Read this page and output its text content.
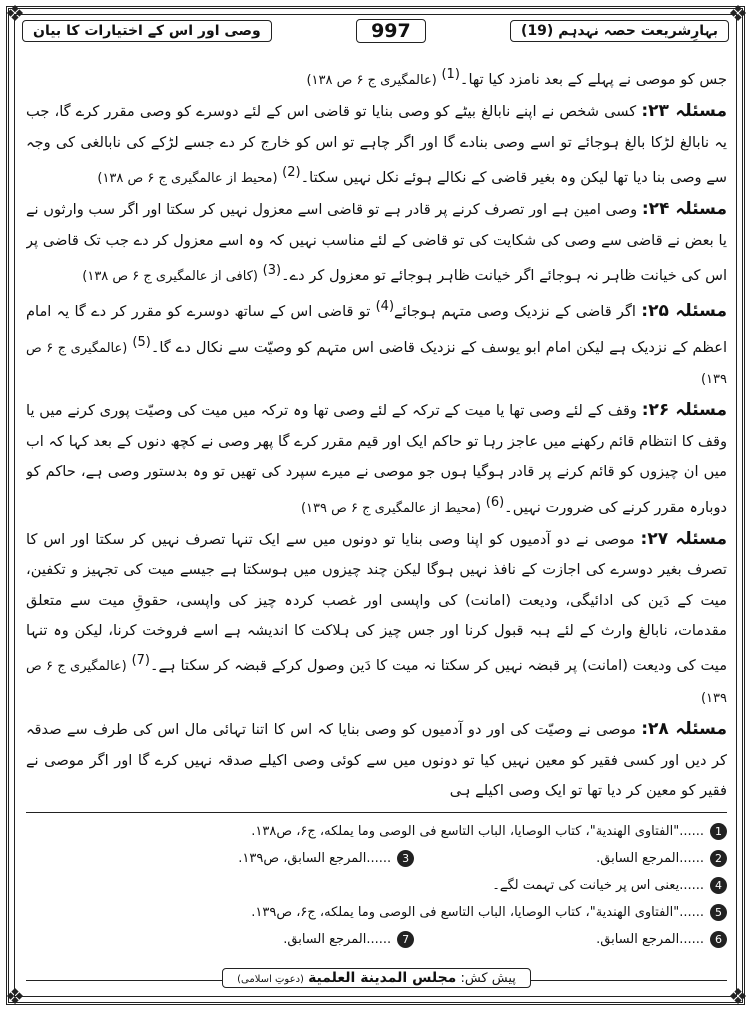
❖	❖
❖	❖
بہارِشریعت حصہ نہدہم (19)
997
وصی اور اس کے اختیارات کا بیان

جس کو موصی نے پہلے کے بعد نامزد کیا تھا۔$^{(1)}$ (عالمگیری ج ۶ ص ۱۳۸)

مسئلہ ۲۳: کسی شخص نے اپنے نابالغ بیٹے کو وصی بنایا تو قاضی اس کے لئے دوسرے کو وصی مقرر کرے گا، جب یہ نابالغ لڑکا بالغ ہوجائے تو اسے وصی بنادے گا اور اگر چاہے تو اس کو خارج کر دے جسے لڑکے کی نابالغی کی وجہ سے وصی بنا دیا تھا لیکن وہ بغیر قاضی کے نکالے ہوئے نکل نہیں سکتا۔$^{(2)}$ (محیط از عالمگیری ج ۶ ص ۱۳۸)

مسئلہ ۲۴: وصی امین ہے اور تصرف کرنے پر قادر ہے تو قاضی اسے معزول نہیں کر سکتا اور اگر سب وارثوں نے یا بعض نے قاضی سے وصی کی شکایت کی تو قاضی کے لئے مناسب نہیں کہ وہ اسے معزول کر دے جب تک قاضی پر اس کی خیانت ظاہر نہ ہوجائے اگر خیانت ظاہر ہوجائے تو معزول کر دے۔$^{(3)}$ (کافی از عالمگیری ج ۶ ص ۱۳۸)

مسئلہ ۲۵: اگر قاضی کے نزدیک وصی متہم ہوجائے$^{(4)}$ تو قاضی اس کے ساتھ دوسرے کو مقرر کر دے گا یہ امام اعظم کے نزدیک ہے لیکن امام ابو یوسف کے نزدیک قاضی اس متہم کو وصیّت سے نکال دے گا۔$^{(5)}$ (عالمگیری ج ۶ ص ۱۳۹)

مسئلہ ۲۶: وقف کے لئے وصی تھا یا میت کے ترکہ کے لئے وصی تھا وہ ترکہ میں میت کی وصیّت پوری کرنے میں یا وقف کا انتظام قائم رکھنے میں عاجز رہا تو حاکم ایک اور قیم مقرر کرے گا پھر وصی نے کچھ دنوں کے بعد کہا کہ اب میں ان چیزوں کو قائم کرنے پر قادر ہوگیا ہوں جو موصی نے میرے سپرد کی تھیں تو وہ بدستور وصی ہے، حاکم کو دوبارہ مقرر کرنے کی ضرورت نہیں۔$^{(6)}$ (محیط از عالمگیری ج ۶ ص ۱۳۹)

مسئلہ ۲۷: موصی نے دو آدمیوں کو اپنا وصی بنایا تو دونوں میں سے ایک تنہا تصرف نہیں کر سکتا اور اس کا تصرف بغیر دوسرے کی اجازت کے نافذ نہیں ہوگا لیکن چند چیزوں میں ہوسکتا ہے جیسے میت کی تجہیز و تکفین، میت کے دَین کی ادائیگی، ودیعت (امانت) کی واپسی اور غصب کردہ چیز کی واپسی، حقوقِ میت سے متعلق مقدمات، نابالغ وارث کے لئے ہبہ قبول کرنا اور جس چیز کی ہلاکت کا اندیشہ ہے اسے فروخت کرنا، لیکن وہ تنہا میت کی ودیعت (امانت) پر قبضہ نہیں کر سکتا نہ میت کا دَین وصول کرکے قبضہ کر سکتا ہے۔$^{(7)}$ (عالمگیری ج ۶ ص ۱۳۹)

مسئلہ ۲۸: موصی نے وصیّت کی اور دو آدمیوں کو وصی بنایا کہ اس کا اتنا تہائی مال اس کی طرف سے صدقہ کر دیں اور کسی فقیر کو معین نہیں کیا تو دونوں میں سے کوئی وصی اکیلے صدقہ نہیں کرے گا اور اگر موصی نے فقیر کو معین کر دیا تھا تو ایک وصی اکیلے ہی

1
......"الفتاوی الھندیة"، کتاب الوصایا، الباب التاسع فی الوصی وما یملکه، ج۶، ص۱۳۸.
2
......المرجع السابق.
3
......المرجع السابق، ص۱۳۹.
4
......یعنی اس پر خیانت کی تہمت لگے۔
5
......"الفتاوی الھندیة"، کتاب الوصایا، الباب التاسع فی الوصی وما یملکه، ج۶، ص۱۳۹.
6
......المرجع السابق.
7
......المرجع السابق.
پیش کش: مجلس المدینة العلمیة (دعوتِ اسلامی)
